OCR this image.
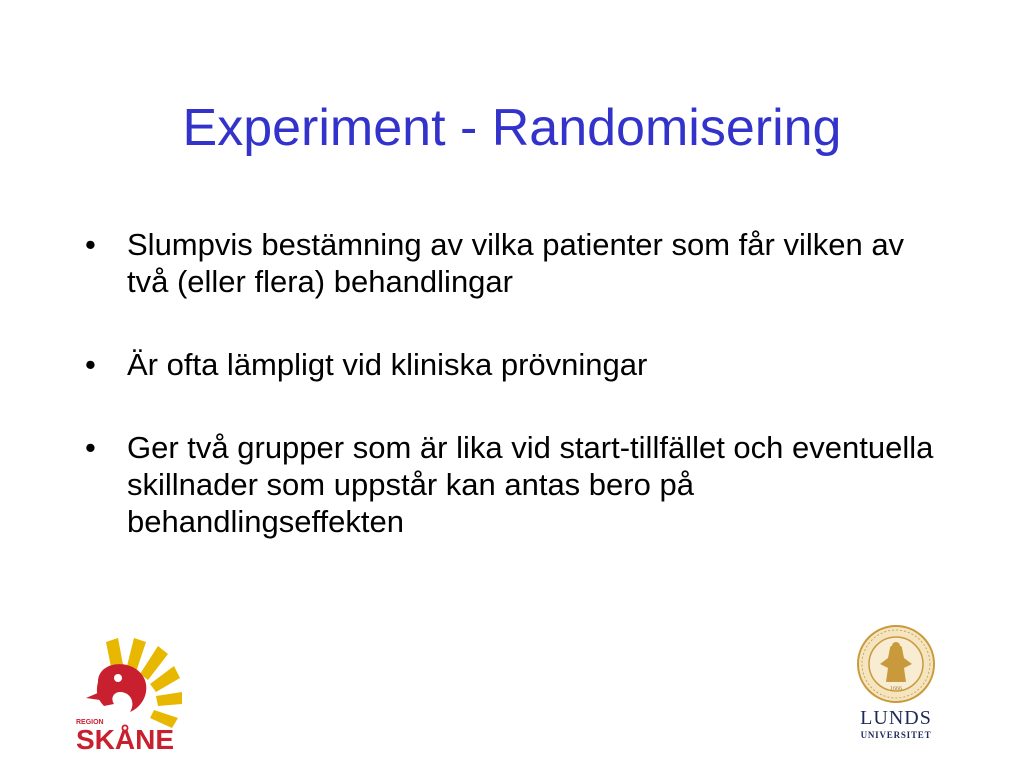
Experiment - Randomisering
•	Slumpvis bestämning av vilka patienter som får vilken av två (eller flera) behandlingar
•	Är ofta lämpligt vid kliniska prövningar
•	Ger två grupper som är lika vid start-tillfället och eventuella skillnader som uppstår kan antas bero på behandlingseffekten
REGION
SKÅNE
1666
LUNDS
UNIVERSITET
